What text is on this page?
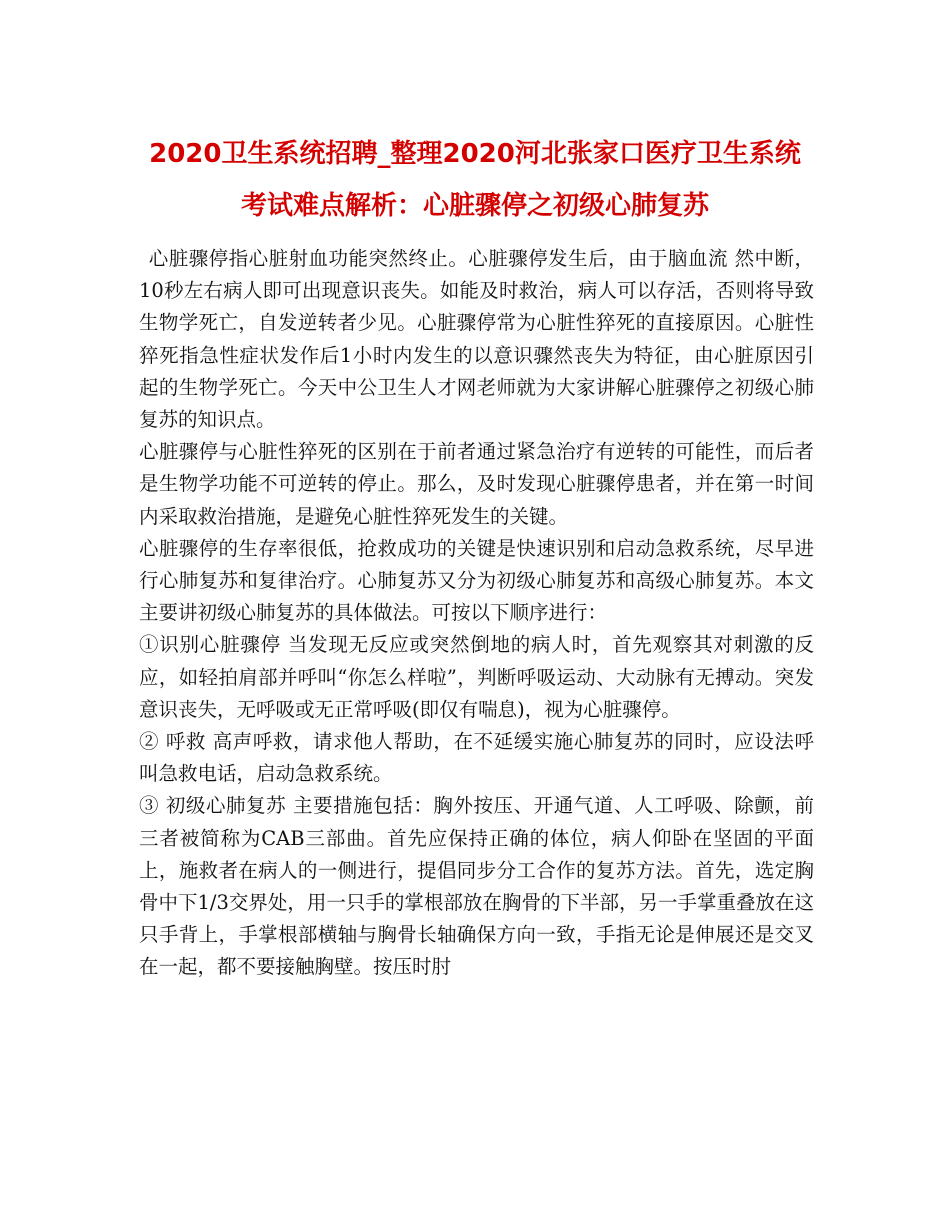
2020卫生系统招聘_整理2020河北张家口医疗卫生系统
考试难点解析：心脏骤停之初级心肺复苏

心脏骤停指心脏射血功能突然终止。心脏骤停发生后，由于脑血流 然中断，10秒左右病人即可出现意识丧失。如能及时救治，病人可以存活，否则将导致生物学死亡，自发逆转者少见。心脏骤停常为心脏性猝死的直接原因。心脏性猝死指急性症状发作后1小时内发生的以意识骤然丧失为特征，由心脏原因引起的生物学死亡。今天中公卫生人才网老师就为大家讲解心脏骤停之初级心肺复苏的知识点。

心脏骤停与心脏性猝死的区别在于前者通过紧急治疗有逆转的可能性，而后者是生物学功能不可逆转的停止。那么，及时发现心脏骤停患者，并在第一时间内采取救治措施，是避免心脏性猝死发生的关键。

心脏骤停的生存率很低，抢救成功的关键是快速识别和启动急救系统，尽早进行心肺复苏和复律治疗。心肺复苏又分为初级心肺复苏和高级心肺复苏。本文主要讲初级心肺复苏的具体做法。可按以下顺序进行：

①识别心脏骤停 当发现无反应或突然倒地的病人时，首先观察其对刺激的反应，如轻拍肩部并呼叫“你怎么样啦”，判断呼吸运动、大动脉有无搏动。突发意识丧失，无呼吸或无正常呼吸(即仅有喘息)，视为心脏骤停。

② 呼救 高声呼救，请求他人帮助，在不延缓实施心肺复苏的同时，应设法呼叫急救电话，启动急救系统。

③ 初级心肺复苏 主要措施包括：胸外按压、开通气道、人工呼吸、除颤，前三者被简称为CAB三部曲。首先应保持正确的体位，病人仰卧在坚固的平面上，施救者在病人的一侧进行，提倡同步分工合作的复苏方法。首先，选定胸骨中下1/3交界处，用一只手的掌根部放在胸骨的下半部，另一手掌重叠放在这只手背上，手掌根部横轴与胸骨长轴确保方向一致，手指无论是伸展还是交叉在一起，都不要接触胸壁。按压时肘
